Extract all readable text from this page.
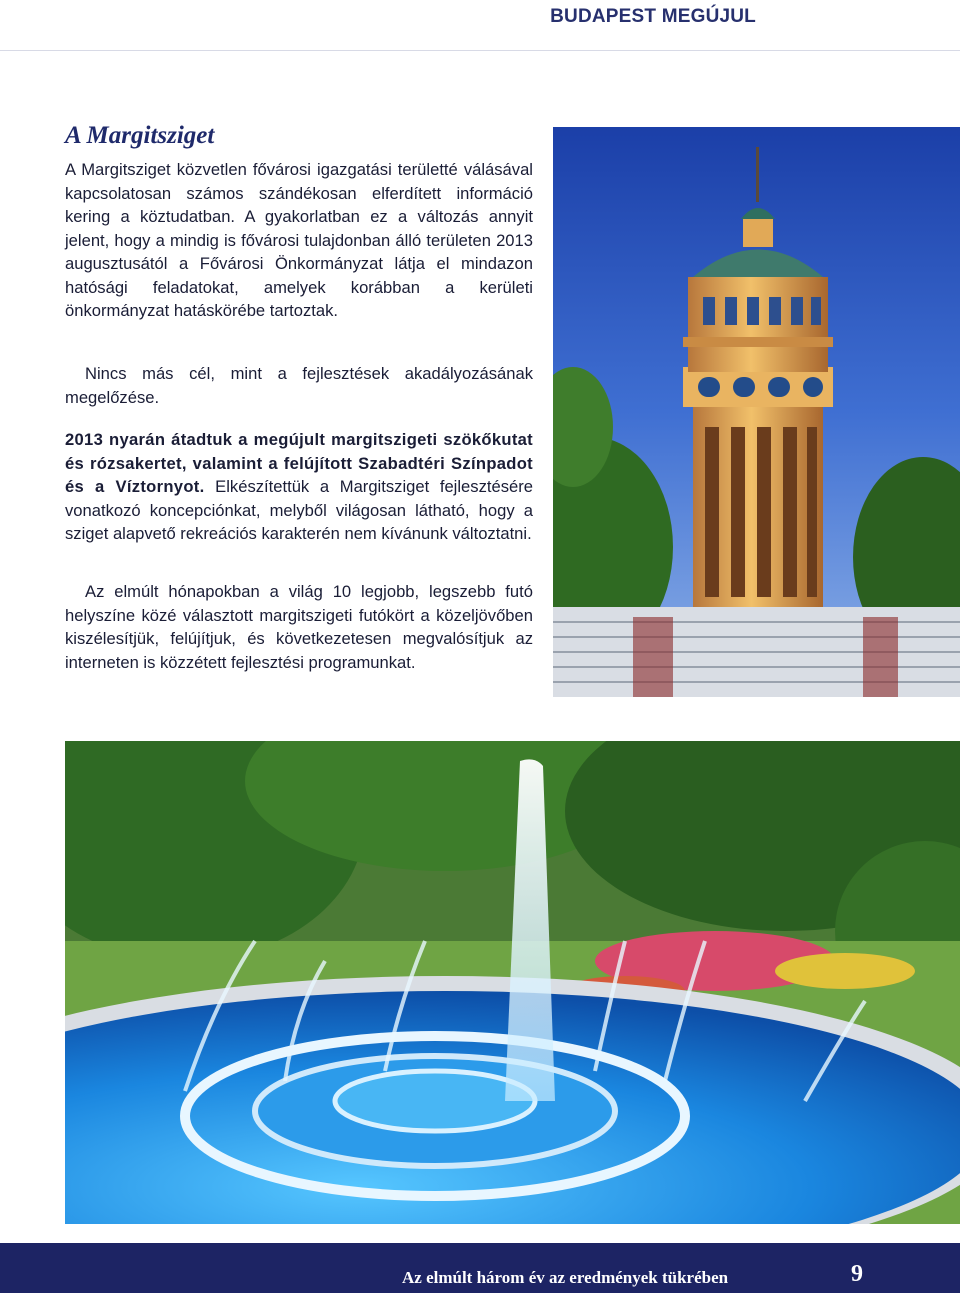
BUDAPEST MEGÚJUL
A Margitsziget

A Margitsziget közvetlen fővárosi igazgatási területté válásával kapcsolatosan számos szándékosan elferdített információ kering a köztudatban. A gyakorlatban ez a változás annyit jelent, hogy a mindig is fővárosi tulajdonban álló területen 2013 augusztusától a Fővárosi Önkormányzat látja el mindazon hatósági feladatokat, amelyek korábban a kerületi önkormányzat hatáskörébe tartoztak.

Nincs más cél, mint a fejlesztések akadályozásának megelőzése.

2013 nyarán átadtuk a megújult margitszigeti szökőkutat és rózsakertet, valamint a felújított Szabadtéri Színpadot és a Víztornyot. Elkészítettük a Margitsziget fejlesztésére vonatkozó koncepciónkat, melyből világosan látható, hogy a sziget alapvető rekreációs karakterén nem kívánunk változtatni.

Az elmúlt hónapokban a világ 10 legjobb, legszebb futó helyszíne közé választott margitszigeti futókört a közeljövőben kiszélesítjük, felújítjuk, és következetesen megvalósítjuk az interneten is közzétett fejlesztési programunkat.

Az elmúlt három év az eredmények tükrében	9
